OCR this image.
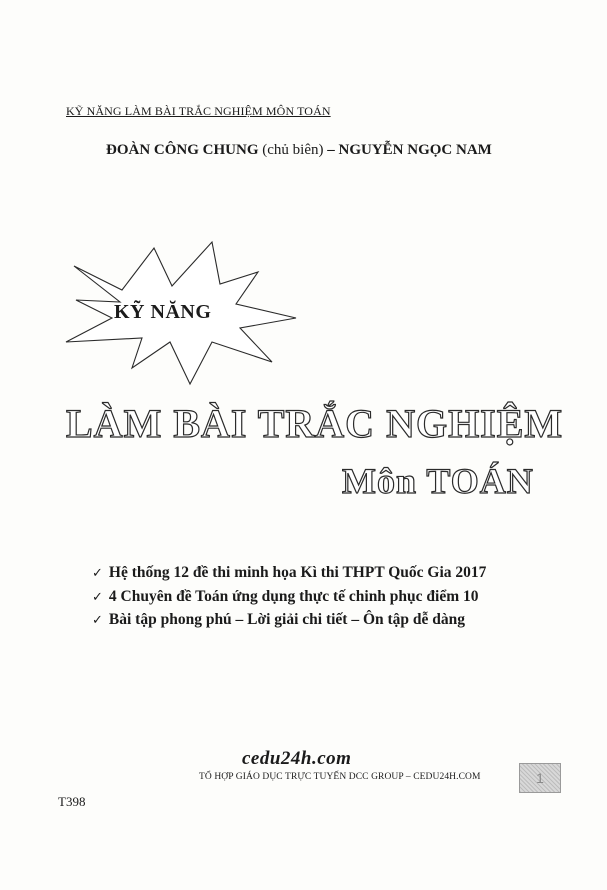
KỸ NĂNG LÀM BÀI TRẮC NGHIỆM MÔN TOÁN
ĐOÀN CÔNG CHUNG (chủ biên) – NGUYỄN NGỌC NAM
KỸ NĂNG
LÀM BÀI TRẮC NGHIỆM
Môn TOÁN
✓ Hệ thống 12 đề thi minh họa Kì thi THPT Quốc Gia 2017
✓ 4 Chuyên đề Toán ứng dụng thực tế chinh phục điểm 10
✓ Bài tập phong phú – Lời giải chi tiết – Ôn tập dễ dàng
cedu24h.com
TỔ HỢP GIÁO DỤC TRỰC TUYẾN DCC GROUP – CEDU24H.COM	1
T398
